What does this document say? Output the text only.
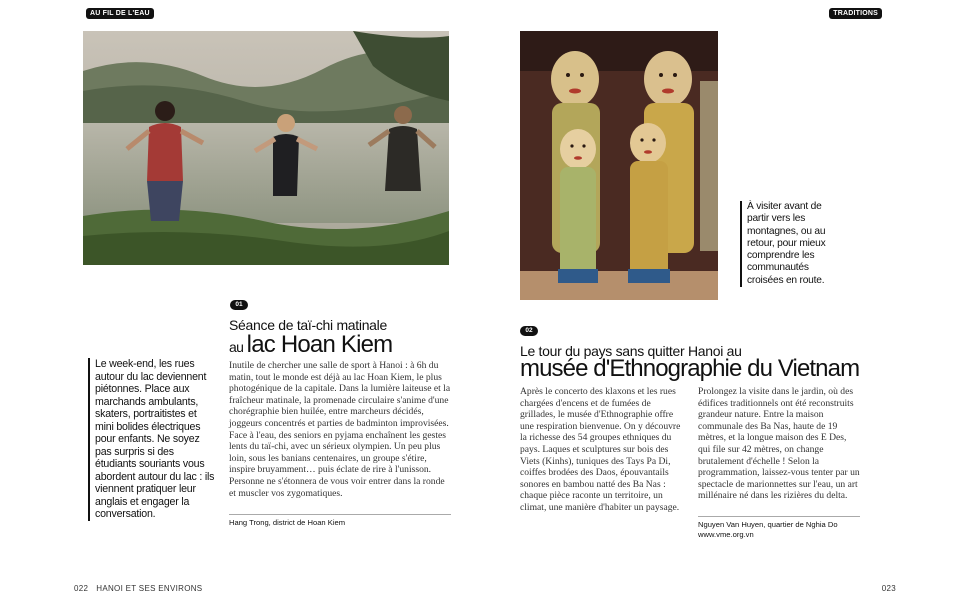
AU FIL DE L'EAU	TRADITIONS
01
Séance de taï-chi matinale
au lac Hoan Kiem
Inutile de chercher une salle de sport à Hanoi : à 6h du matin, tout le monde est déjà au lac Hoan Kiem, le plus photogénique de la capitale. Dans la lumière laiteuse et la fraîcheur matinale, la promenade circulaire s'anime d'une chorégraphie bien huilée, entre marcheurs décidés, joggeurs concentrés et parties de badminton improvisées. Face à l'eau, des seniors en pyjama enchaînent les gestes lents du taï-chi, avec un sérieux olympien. Un peu plus loin, sous les banians centenaires, un groupe s'étire, inspire bruyamment… puis éclate de rire à l'unisson. Personne ne s'étonnera de vous voir entrer dans la ronde et muscler vos zygomatiques.
Hang Trong, district de Hoan Kiem
Le week-end, les rues autour du lac deviennent piétonnes. Place aux marchands ambulants, skaters, portraitistes et mini bolides électriques pour enfants. Ne soyez pas surpris si des étudiants souriants vous abordent autour du lac : ils viennent pratiquer leur anglais et engager la conversation.
02
Le tour du pays sans quitter Hanoi au
musée d'Ethnographie du Vietnam
Après le concerto des klaxons et les rues chargées d'encens et de fumées de grillades, le musée d'Ethnographie offre une respiration bienvenue. On y découvre la richesse des 54 groupes ethniques du pays. Laques et sculptures sur bois des Viets (Kinhs), tuniques des Tays Pa Di, coiffes brodées des Daos, épouvantails sonores en bambou natté des Ba Nas : chaque pièce raconte un territoire, un climat, une manière d'habiter un paysage.
Prolongez la visite dans le jardin, où des édifices traditionnels ont été reconstruits grandeur nature. Entre la maison communale des Ba Nas, haute de 19 mètres, et la longue maison des E Des, qui file sur 42 mètres, on change brutalement d'échelle ! Selon la programmation, laissez-vous tenter par un spectacle de marionnettes sur l'eau, un art millénaire né dans les rizières du delta.
Nguyen Van Huyen, quartier de Nghia Do
www.vme.org.vn
À visiter avant de partir vers les montagnes, ou au retour, pour mieux comprendre les communautés croisées en route.
022 HANOI ET SES ENVIRONS	023
